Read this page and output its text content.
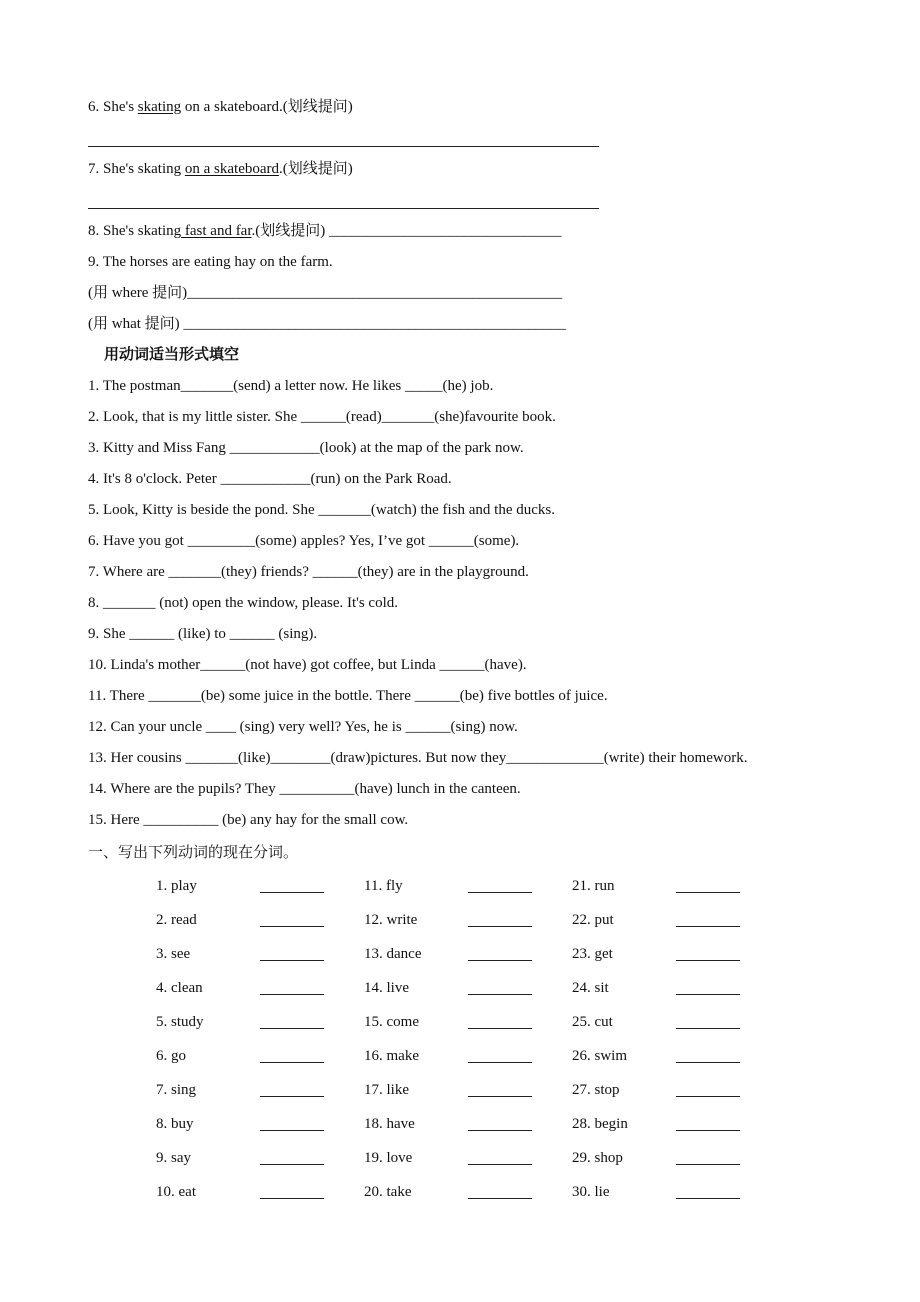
6. She's skating on a skateboard.(划线提问)
7. She's skating on a skateboard.(划线提问)
8. She's skating fast and far.(划线提问) _______________________________
9. The horses are eating hay on the farm.
(用 where 提问)__________________________________________________
(用 what 提问) ___________________________________________________
用动词适当形式填空
1. The postman_______(send) a letter now. He likes _____(he) job.
2. Look, that is my little sister. She ______(read)_______(she)favourite book.
3. Kitty and Miss Fang ____________(look) at the map of the park now.
4. It's 8 o'clock. Peter ____________(run) on the Park Road.
5. Look, Kitty is beside the pond. She _______(watch) the fish and the ducks.
6. Have you got _________(some) apples? Yes, I’ve got ______(some).
7. Where are _______(they) friends? ______(they) are in the playground.
8. _______ (not) open the window, please. It's cold.
9. She ______ (like) to ______ (sing).
10. Linda's mother______(not have) got coffee, but Linda ______(have).
11. There _______(be) some juice in the bottle. There ______(be) five bottles of juice.
12. Can your uncle ____ (sing) very well? Yes, he is ______(sing) now.
13. Her cousins _______(like)________(draw)pictures. But now they_____________(write) their homework.
14. Where are the pupils? They __________(have) lunch in the canteen.
15. Here __________ (be) any hay for the small cow.
一、写出下列动词的现在分词。
1. play
2. read
3. see
4. clean
5. study
6. go
7. sing
8. buy
9. say
10. eat
11. fly
12. write
13. dance
14. live
15. come
16. make
17. like
18. have
19. love
20. take
21. run
22. put
23. get
24. sit
25. cut
26. swim
27. stop
28. begin
29. shop
30. lie
